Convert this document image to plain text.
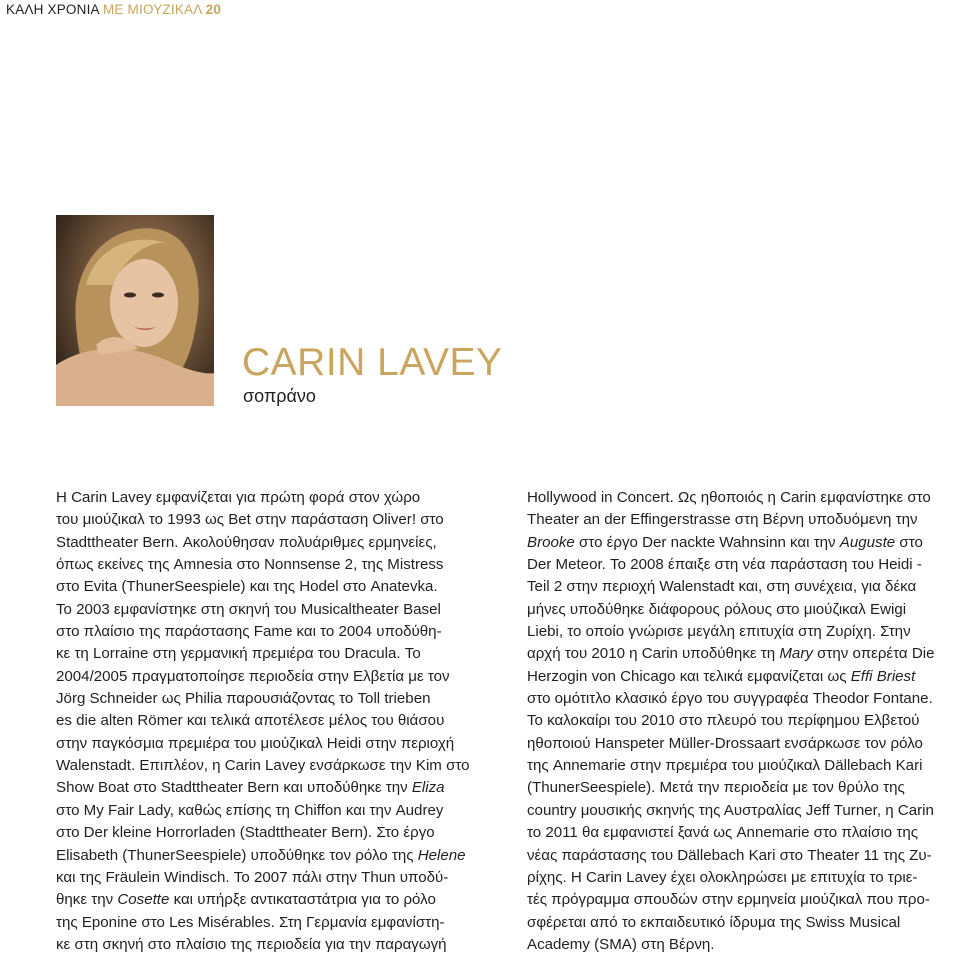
ΚΑΛΗ ΧΡΟΝΙΑ ΜΕ ΜΙΟΥΖΙΚΑΛ 20
CARIN LAVEY
σοπράνο
Η Carin Lavey εμφανίζεται για πρώτη φορά στον χώρο
του μιούζικαλ το 1993 ως Bet στην παράσταση Oliver! στο
Stadttheater Bern. Ακολούθησαν πολυάριθμες ερμηνείες,
όπως εκείνες της Amnesia στο Nonnsense 2, της Mistress
στο Evita (ThunerSeespiele) και της Hodel στο Anatevka.
Το 2003 εμφανίστηκε στη σκηνή του Musicaltheater Basel
στο πλαίσιο της παράστασης Fame και το 2004 υποδύθη-
κε τη Lorraine στη γερμανική πρεμιέρα του Dracula. Το
2004/2005 πραγματοποίησε περιοδεία στην Ελβετία με τον
Jörg Schneider ως Philia παρουσιάζοντας το Toll trieben
es die alten Römer και τελικά αποτέλεσε μέλος του θιάσου
στην παγκόσμια πρεμιέρα του μιούζικαλ Heidi στην περιοχή
Walenstadt. Επιπλέον, η Carin Lavey ενσάρκωσε την Kim στο
Show Boat στο Stadttheater Bern και υποδύθηκε την Eliza
στο My Fair Lady, καθώς επίσης τη Chiffon και την Audrey
στο Der kleine Horrorladen (Stadttheater Bern). Στο έργο
Elisabeth (ThunerSeespiele) υποδύθηκε τον ρόλο της Helene
και της Fräulein Windisch. Το 2007 πάλι στην Thun υποδύ-
θηκε την Cosette και υπήρξε αντικαταστάτρια για το ρόλο
της Eponine στο Les Misérables. Στη Γερμανία εμφανίστη-
κε στη σκηνή στο πλαίσιο της περιοδεία για την παραγωγή
Hollywood in Concert. Ως ηθοποιός η Carin εμφανίστηκε στο
Theater an der Effingerstrasse στη Βέρνη υποδυόμενη την
Brooke στο έργο Der nackte Wahnsinn και την Auguste στο
Der Meteor. Το 2008 έπαιξε στη νέα παράσταση του Heidi -
Teil 2 στην περιοχή Walenstadt και, στη συνέχεια, για δέκα
μήνες υποδύθηκε διάφορους ρόλους στο μιούζικαλ Ewigi
Liebi, το οποίο γνώρισε μεγάλη επιτυχία στη Ζυρίχη. Στην
αρχή του 2010 η Carin υποδύθηκε τη Mary στην οπερέτα Die
Herzogin von Chicago και τελικά εμφανίζεται ως Effi Briest
στο ομότιτλο κλασικό έργο του συγγραφέα Theodor Fontane.
Το καλοκαίρι του 2010 στο πλευρό του περίφημου Ελβετού
ηθοποιού Hanspeter Müller-Drossaart ενσάρκωσε τον ρόλο
της Annemarie στην πρεμιέρα του μιούζικαλ Dällebach Kari
(ThunerSeespiele). Μετά την περιοδεία με τον θρύλο της
country μουσικής σκηνής της Αυστραλίας Jeff Turner, η Carin
το 2011 θα εμφανιστεί ξανά ως Annemarie στο πλαίσιο της
νέας παράστασης του Dällebach Kari στο Theater 11 της Ζυ-
ρίχης. Η Carin Lavey έχει ολοκληρώσει με επιτυχία το τριε-
τές πρόγραμμα σπουδών στην ερμηνεία μιούζικαλ που προ-
σφέρεται από το εκπαιδευτικό ίδρυμα της Swiss Musical
Academy (SMA) στη Βέρνη.
